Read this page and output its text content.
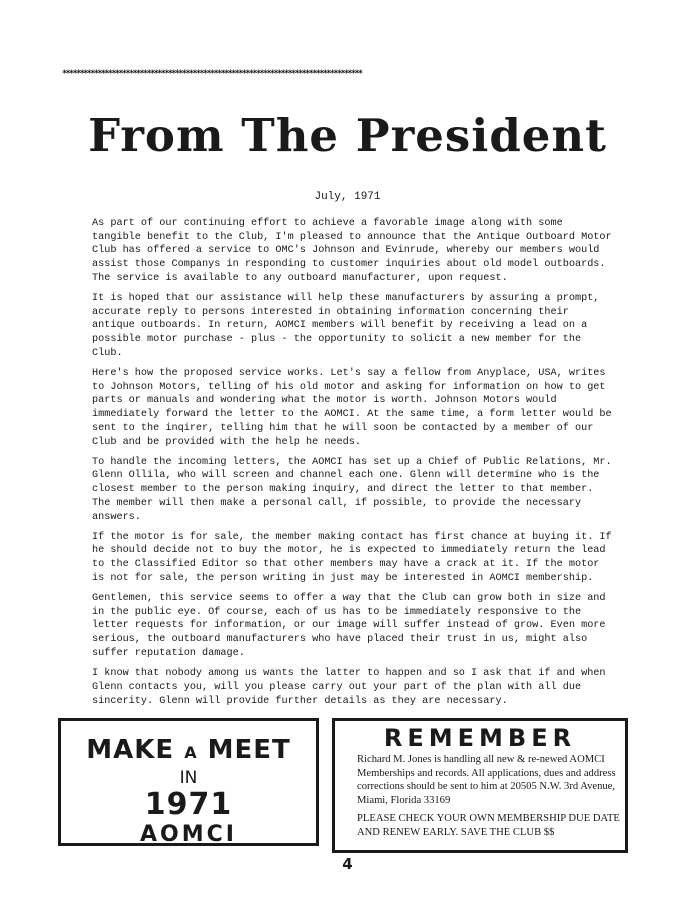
*************************************************************************************
From The President
July, 1971

As part of our continuing effort to achieve a favorable image along with some tangible benefit to the Club, I'm pleased to announce that the Antique Outboard Motor Club has offered a service to OMC's Johnson and Evinrude, whereby our members would assist those Companys in responding to customer inquiries about old model outboards. The service is available to any outboard manufacturer, upon request.

It is hoped that our assistance will help these manufacturers by assuring a prompt, accurate reply to persons interested in obtaining information concerning their antique outboards. In return, AOMCI members will benefit by receiving a lead on a possible motor purchase - plus - the opportunity to solicit a new member for the Club.

Here's how the proposed service works. Let's say a fellow from Anyplace, USA, writes to Johnson Motors, telling of his old motor and asking for information on how to get parts or manuals and wondering what the motor is worth. Johnson Motors would immediately forward the letter to the AOMCI. At the same time, a form letter would be sent to the inqirer, telling him that he will soon be contacted by a member of our Club and be provided with the help he needs.

To handle the incoming letters, the AOMCI has set up a Chief of Public Relations, Mr. Glenn Ollila, who will screen and channel each one. Glenn will determine who is the closest member to the person making inquiry, and direct the letter to that member. The member will then make a personal call, if possible, to provide the necessary answers.

If the motor is for sale, the member making contact has first chance at buying it. If he should decide not to buy the motor, he is expected to immediately return the lead to the Classified Editor so that other members may have a crack at it. If the motor is not for sale, the person writing in just may be interested in AOMCI membership.

Gentlemen, this service seems to offer a way that the Club can grow both in size and in the public eye. Of course, each of us has to be immediately responsive to the letter requests for information, or our image will suffer instead of grow. Even more serious, the outboard manufacturers who have placed their trust in us, might also suffer reputation damage.

I know that nobody among us wants the latter to happen and so I ask that if and when Glenn contacts you, will you please carry out your part of the plan with all due sincerity. Glenn will provide further details as they are necessary.

MAKE A MEET
IN
1971
AOMCI
REMEMBER
Richard M. Jones is handling all new & re-newed AOMCI Memberships and records. All applications, dues and address corrections should be sent to him at 20505 N.W. 3rd Avenue, Miami, Florida 33169
PLEASE CHECK YOUR OWN MEMBERSHIP DUE DATE AND RENEW EARLY. SAVE THE CLUB $$
4
